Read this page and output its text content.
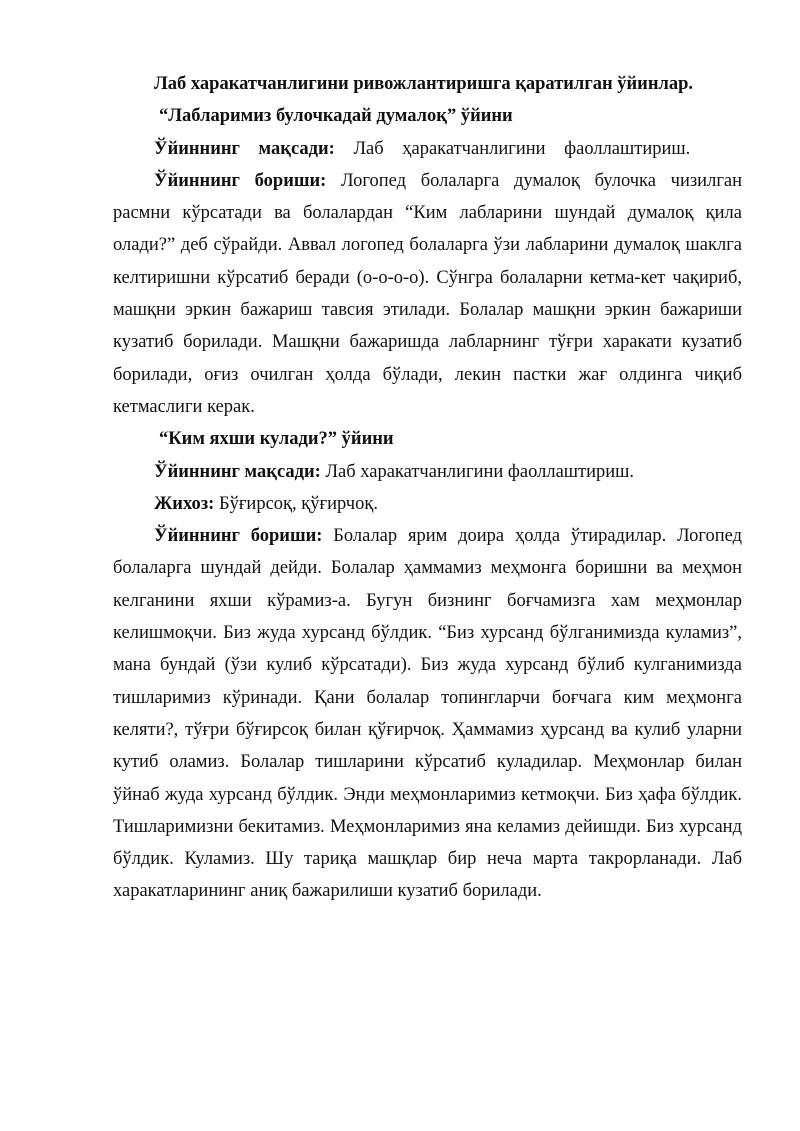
Лаб харакатчанлигини ривожлантиришга қаратилган ўйинлар.

“Лабларимиз булочкадай думалоқ” ўйини

Ўйиннинг мақсади: Лаб ҳаракатчанлигини фаоллаштириш.

Ўйиннинг бориши: Логопед болаларга думалоқ булочка чизилган расмни кўрсатади ва болалардан “Ким лабларини шундай думалоқ қила олади?” деб сўрайди. Аввал логопед болаларга ўзи лабларини думалоқ шаклга келтиришни кўрсатиб беради (о-о-о-о). Сўнгра болаларни кетма-кет чақириб, машқни эркин бажариш тавсия этилади. Болалар машқни эркин бажариши кузатиб борилади. Машқни бажаришда лабларнинг тўғри харакати кузатиб борилади, оғиз очилган ҳолда бўлади, лекин пастки жағ олдинга чиқиб кетмаслиги керак.

“Ким яхши кулади?” ўйини

Ўйиннинг мақсади: Лаб харакатчанлигини фаоллаштириш.

Жихоз: Бўғирсоқ, қўғирчоқ.

Ўйиннинг бориши: Болалар ярим доира ҳолда ўтирадилар. Логопед болаларга шундай дейди. Болалар ҳаммамиз меҳмонга боришни ва меҳмон келганини яхши кўрамиз-а. Бугун бизнинг боғчамизга хам меҳмонлар келишмоқчи. Биз жуда хурсанд бўлдик. “Биз хурсанд бўлганимизда куламиз”, мана бундай (ўзи кулиб кўрсатади). Биз жуда хурсанд бўлиб кулганимизда тишларимиз кўринади. Қани болалар топингларчи боғчага ким меҳмонга келяти?, тўғри бўғирсоқ билан қўғирчоқ. Ҳаммамиз ҳурсанд ва кулиб уларни кутиб оламиз. Болалар тишларини кўрсатиб куладилар. Меҳмонлар билан ўйнаб жуда хурсанд бўлдик. Энди меҳмонларимиз кетмоқчи. Биз ҳафа бўлдик. Тишларимизни бекитамиз. Меҳмонларимиз яна келамиз дейишди. Биз хурсанд бўлдик. Куламиз. Шу тариқа машқлар бир неча марта такрорланади. Лаб харакатларининг аниқ бажарилиши кузатиб борилади.
